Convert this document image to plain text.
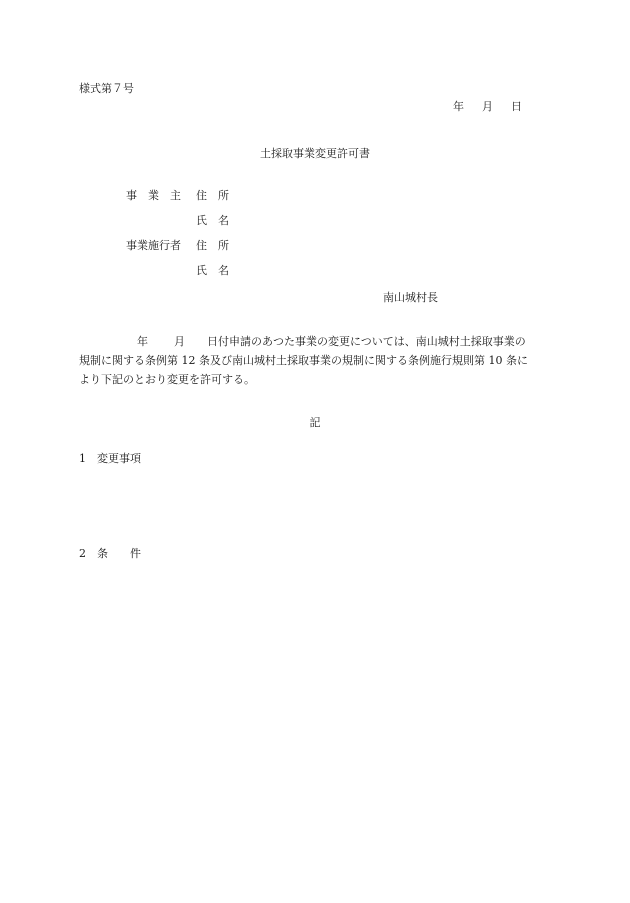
様式第７号
年 月 日
土採取事業変更許可書
事　業　主 住　所
氏　名
事業施行者 住　所
氏　名
南山城村長
年 月 日付申請のあつた事業の変更については、南山城村土採取事業の
規制に関する条例第 12 条及び南山城村土採取事業の規制に関する条例施行規則第 10 条に
より下記のとおり変更を許可する。
記
1 変更事項
2 条　　件
